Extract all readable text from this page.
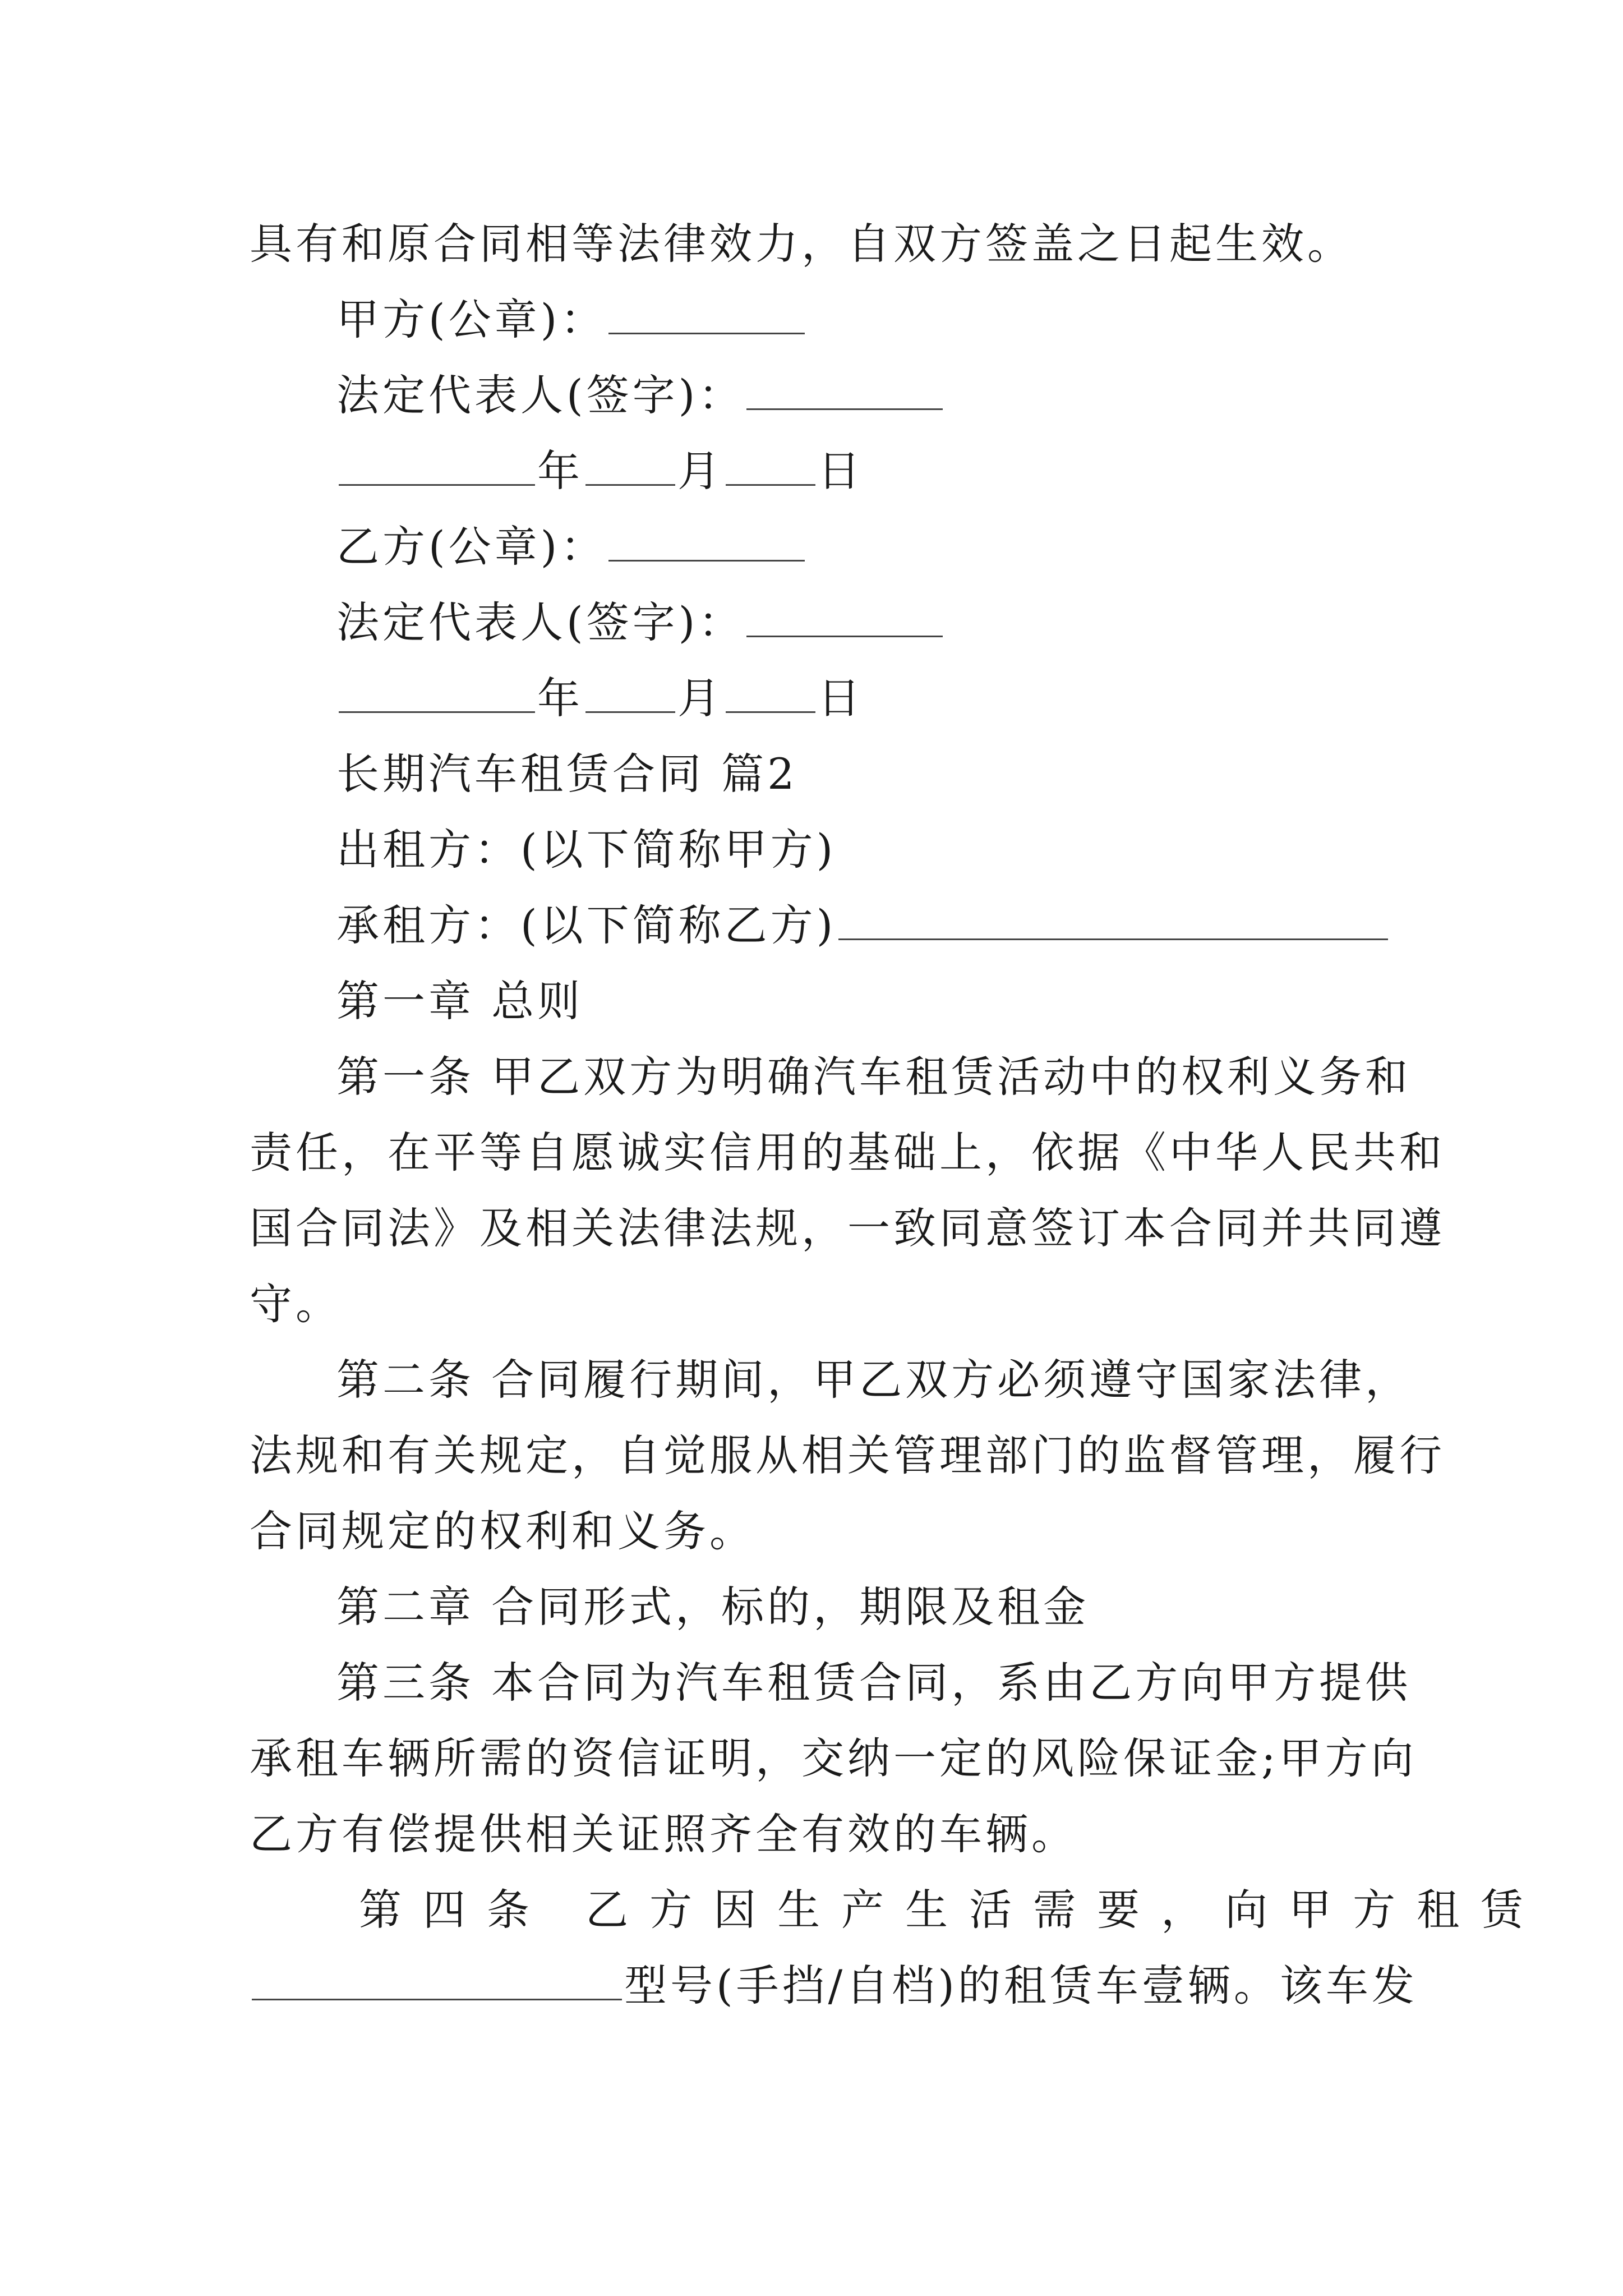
具有和原合同相等法律效力，自双方签盖之日起生效。
甲方(公章)：
法定代表人(签字)：
年 月 日
乙方(公章)：
法定代表人(签字)：
年 月 日
长期汽车租赁合同 篇2
出租方：(以下简称甲方)
承租方：(以下简称乙方)
第一章 总则
第一条 甲乙双方为明确汽车租赁活动中的权利义务和
责任，在平等自愿诚实信用的基础上，依据《中华人民共和
国合同法》及相关法律法规，一致同意签订本合同并共同遵
守。
第二条 合同履行期间，甲乙双方必须遵守国家法律，
法规和有关规定，自觉服从相关管理部门的监督管理，履行
合同规定的权利和义务。
第二章 合同形式，标的，期限及租金
第三条 本合同为汽车租赁合同，系由乙方向甲方提供
承租车辆所需的资信证明，交纳一定的风险保证金;甲方向
乙方有偿提供相关证照齐全有效的车辆。
第四条 乙方因生产生活需要，向甲方租赁
型号(手挡/自档)的租赁车壹辆。该车发
